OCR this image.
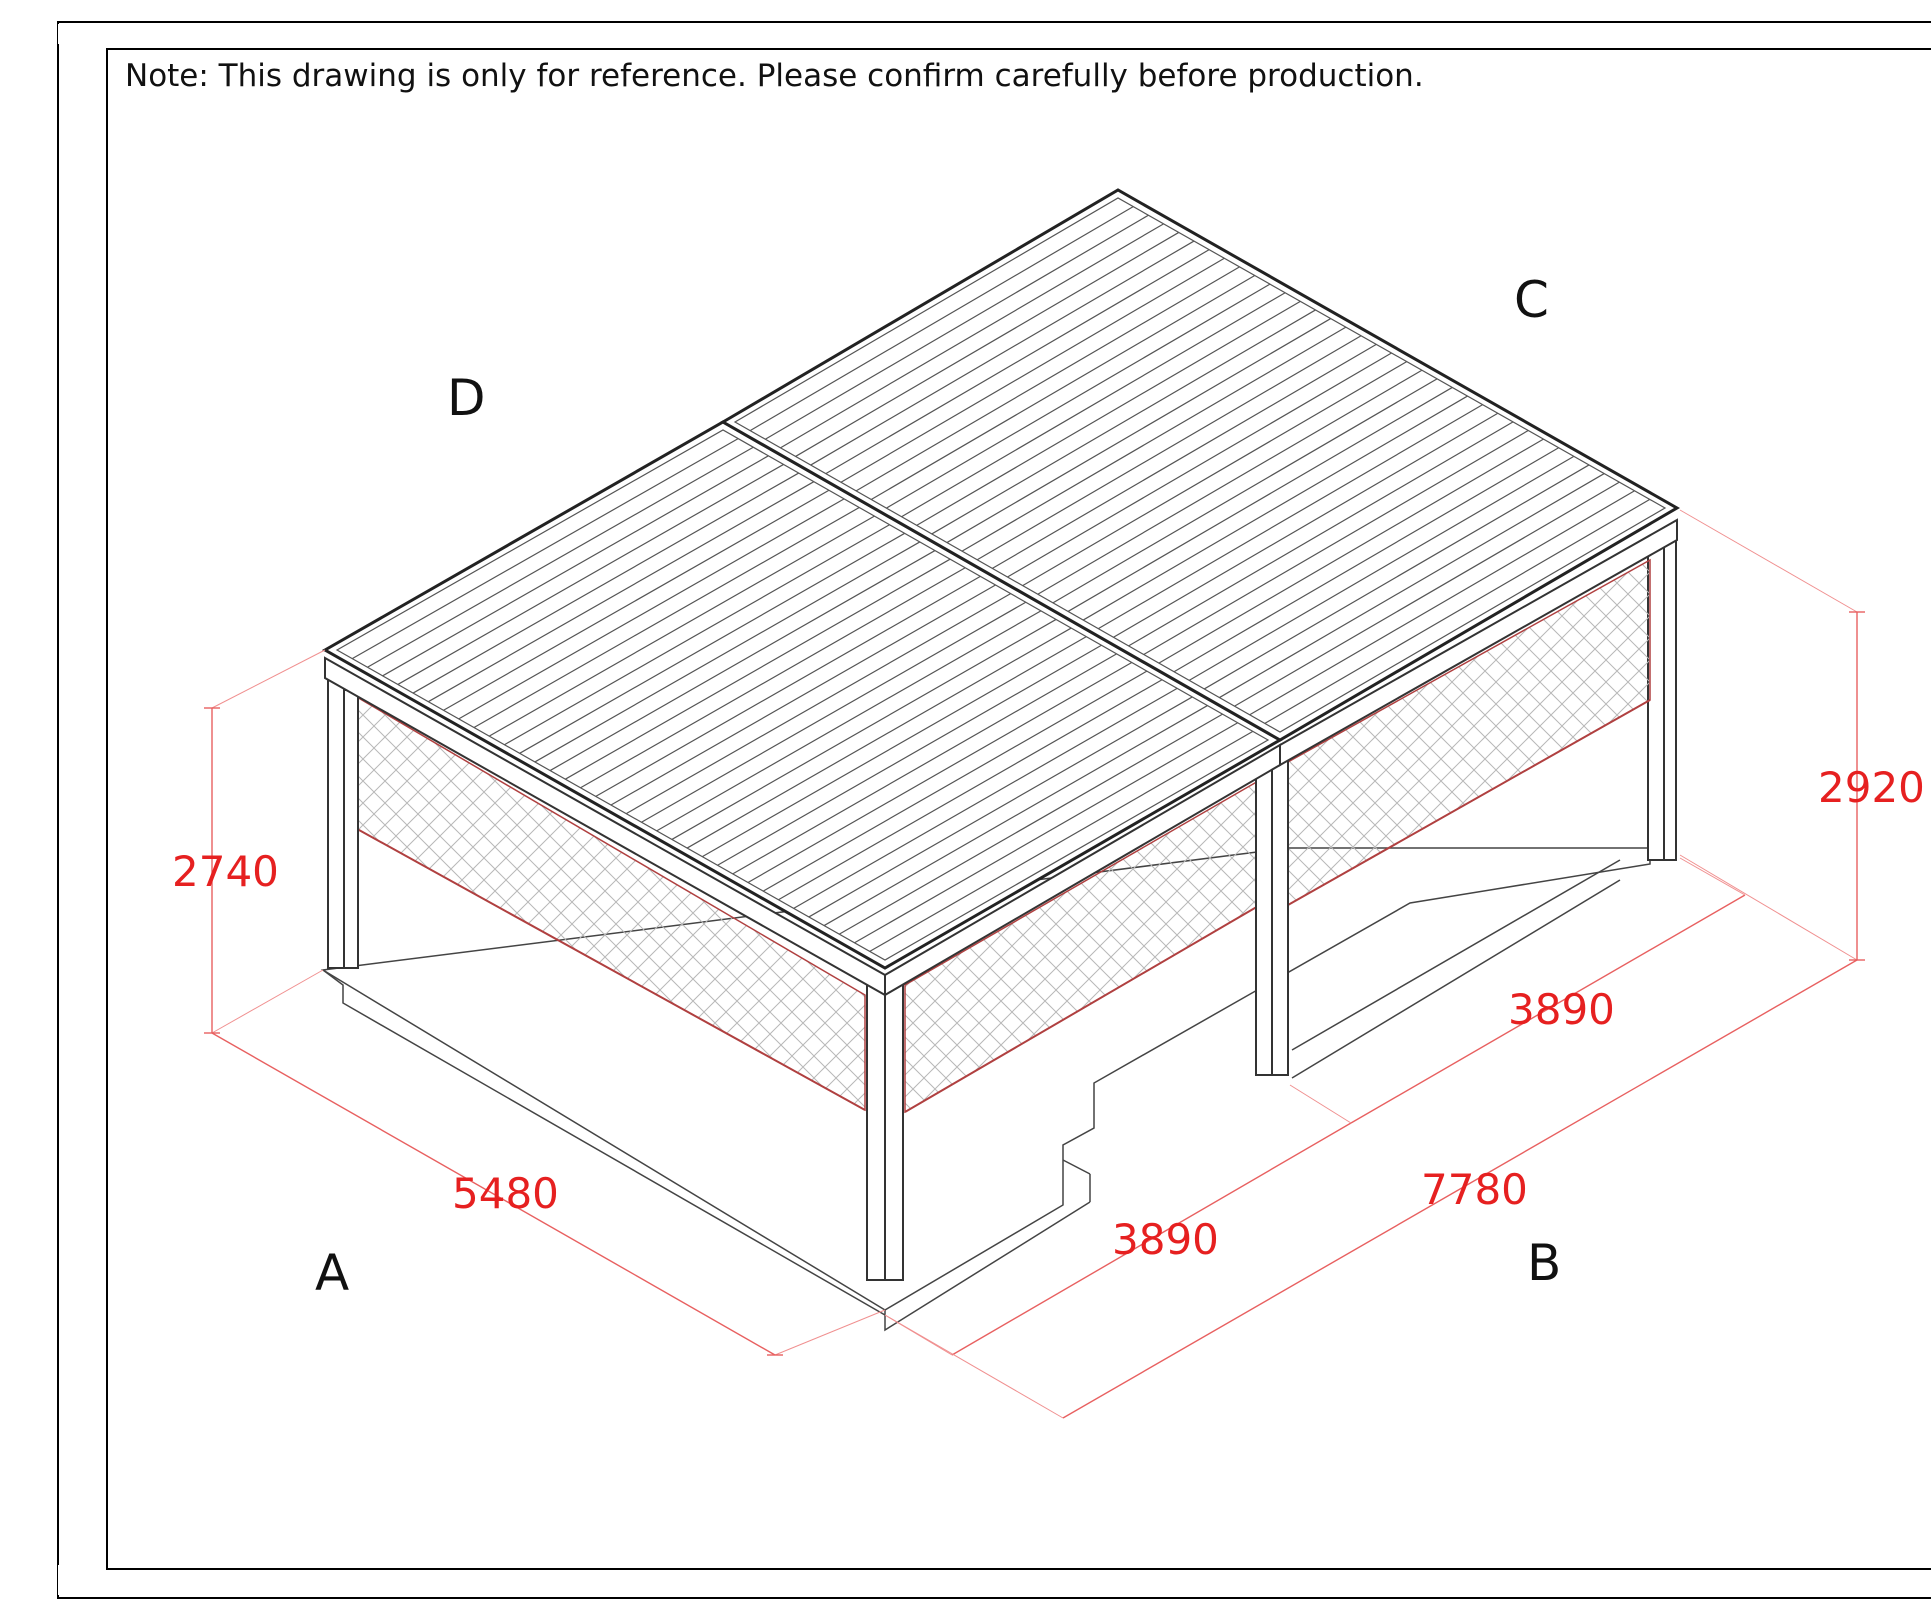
Note: This drawing is only for reference. Please confirm carefully before production.
2740
2920
5480
3890
3890
7780
A	B
C
D
